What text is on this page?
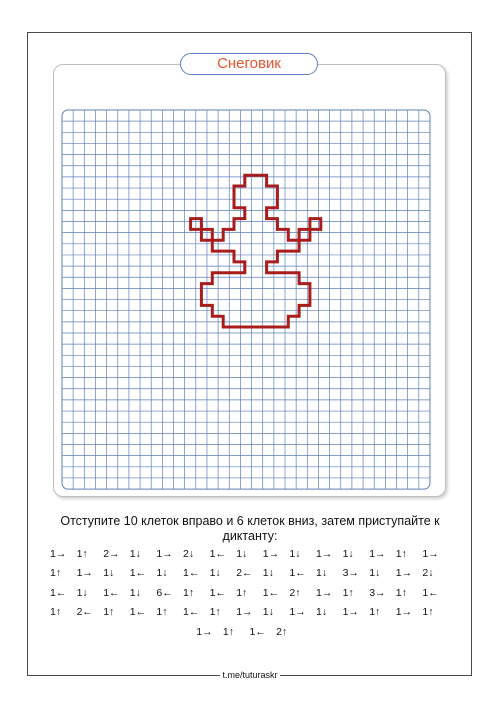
Снеговик
Отступите 10 клеток вправо и 6 клеток вниз, затем приступайте к диктанту:
1→ 1↑ 2→ 1↓ 1→ 2↓ 1← 1↓ 1→ 1↓ 1→ 1↓ 1→ 1↑ 1→
1↑ 1→ 1↓ 1← 1↓ 1← 1↓ 2← 1↓ 1← 1↓ 3→ 1↓ 1→ 2↓
1← 1↓ 1← 1↓ 6← 1↑ 1← 1↑ 1← 2↑ 1→ 1↑ 3→ 1↑ 1←
1↑ 2← 1↑ 1← 1↑ 1← 1↑ 1→ 1↓ 1→ 1↓ 1→ 1↑ 1→ 1↑
1→ 1↑ 1← 2↑
t.me/tuturaskr
